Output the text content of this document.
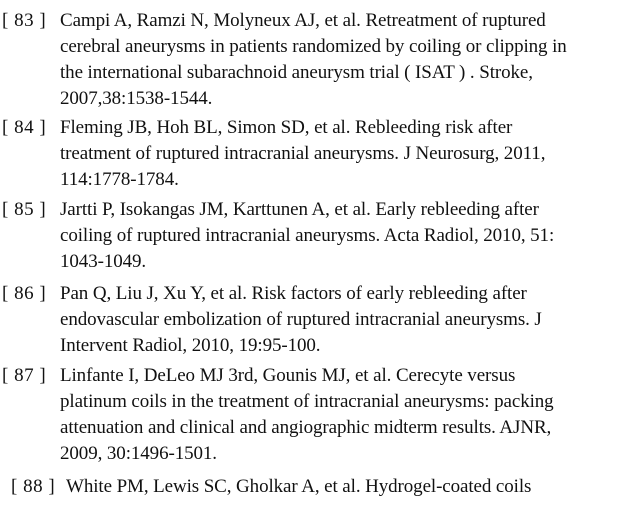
[ 83 ] Campi A, Ramzi N, Molyneux AJ, et al. Retreatment of ruptured
cerebral aneurysms in patients randomized by coiling or clipping in
the international subarachnoid aneurysm trial ( ISAT ) . Stroke,
2007,38:1538-1544.
[ 84 ] Fleming JB, Hoh BL, Simon SD, et al. Rebleeding risk after
treatment of ruptured intracranial aneurysms. J Neurosurg, 2011,
114:1778-1784.
[ 85 ] Jartti P, Isokangas JM, Karttunen A, et al. Early rebleeding after
coiling of ruptured intracranial aneurysms. Acta Radiol, 2010, 51:
1043-1049.
[ 86 ] Pan Q, Liu J, Xu Y, et al. Risk factors of early rebleeding after
endovascular embolization of ruptured intracranial aneurysms. J
Intervent Radiol, 2010, 19:95-100.
[ 87 ] Linfante I, DeLeo MJ 3rd, Gounis MJ, et al. Cerecyte versus
platinum coils in the treatment of intracranial aneurysms: packing
attenuation and clinical and angiographic midterm results. AJNR,
2009, 30:1496-1501.
[ 88 ] White PM, Lewis SC, Gholkar A, et al. Hydrogel-coated coils
